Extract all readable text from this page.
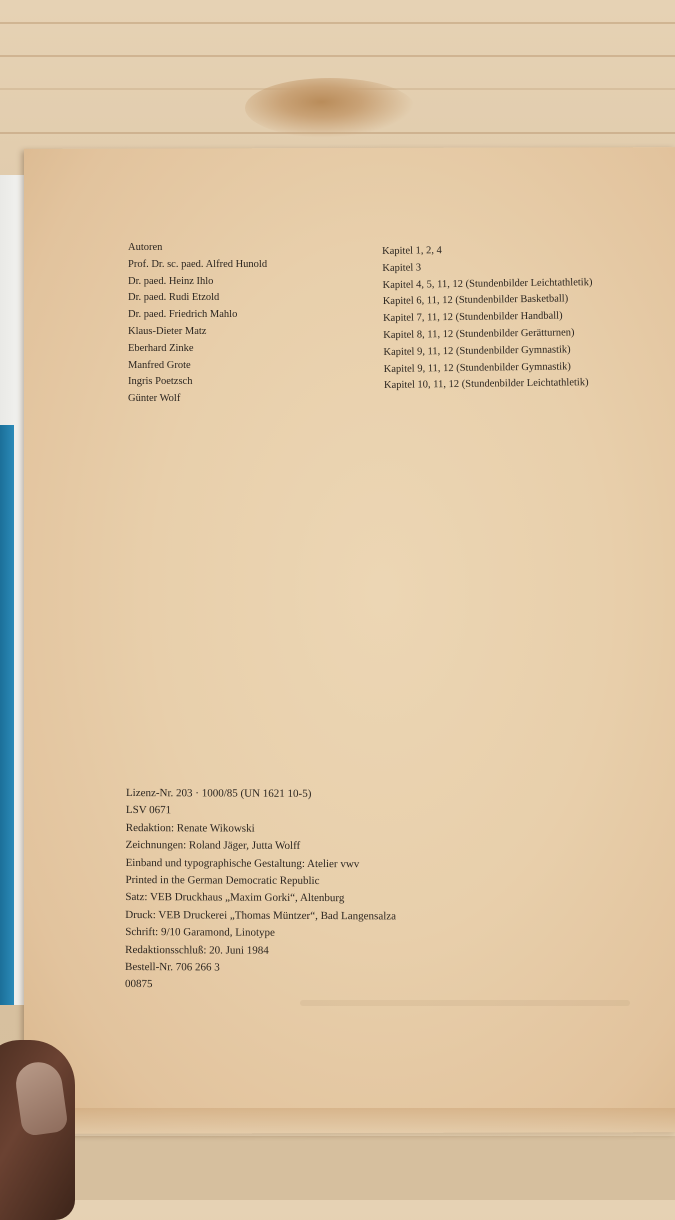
Autoren
Prof. Dr. sc. paed. Alfred Hunold
Dr. paed. Heinz Ihlo
Dr. paed. Rudi Etzold
Dr. paed. Friedrich Mahlo
Klaus-Dieter Matz
Eberhard Zinke
Manfred Grote
Ingris Poetzsch
Günter Wolf
Kapitel 1, 2, 4
Kapitel 3
Kapitel 4, 5, 11, 12 (Stundenbilder Leichtathletik)
Kapitel 6, 11, 12 (Stundenbilder Basketball)
Kapitel 7, 11, 12 (Stundenbilder Handball)
Kapitel 8, 11, 12 (Stundenbilder Gerätturnen)
Kapitel 9, 11, 12 (Stundenbilder Gymnastik)
Kapitel 9, 11, 12 (Stundenbilder Gymnastik)
Kapitel 10, 11, 12 (Stundenbilder Leichtathletik)
Lizenz-Nr. 203 · 1000/85 (UN 1621 10-5)
LSV 0671
Redaktion: Renate Wikowski
Zeichnungen: Roland Jäger, Jutta Wolff
Einband und typographische Gestaltung: Atelier vwv
Printed in the German Democratic Republic
Satz: VEB Druckhaus „Maxim Gorki“, Altenburg
Druck: VEB Druckerei „Thomas Müntzer“, Bad Langensalza
Schrift: 9/10 Garamond, Linotype
Redaktionsschluß: 20. Juni 1984
Bestell-Nr. 706 266 3
00875
